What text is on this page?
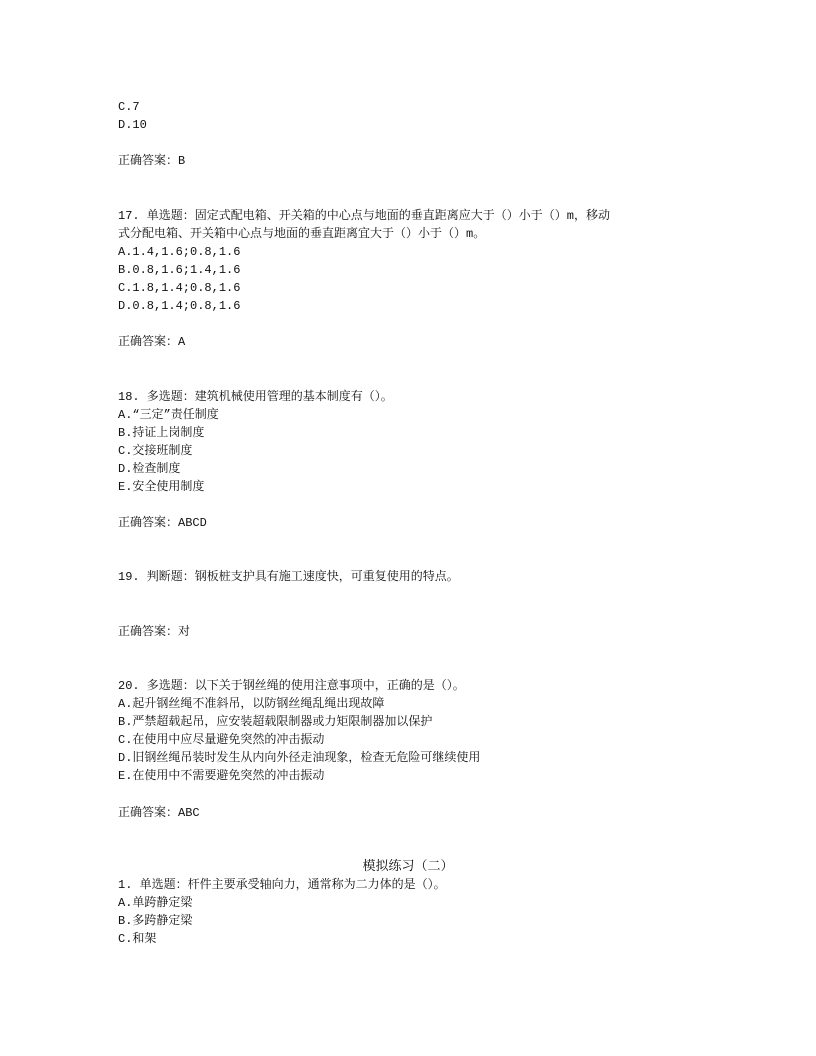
C.7
D.10
正确答案：B
17. 单选题：固定式配电箱、开关箱的中心点与地面的垂直距离应大于（）小于（）m，移动
式分配电箱、开关箱中心点与地面的垂直距离宜大于（）小于（）m。
A.1.4,1.6;0.8,1.6
B.0.8,1.6;1.4,1.6
C.1.8,1.4;0.8,1.6
D.0.8,1.4;0.8,1.6
正确答案：A
18. 多选题：建筑机械使用管理的基本制度有（）。
A.“三定”责任制度
B.持证上岗制度
C.交接班制度
D.检查制度
E.安全使用制度
正确答案：ABCD
19. 判断题：钢板桩支护具有施工速度快，可重复使用的特点。
正确答案：对
20. 多选题：以下关于钢丝绳的使用注意事项中，正确的是（）。
A.起升钢丝绳不准斜吊，以防钢丝绳乱绳出现故障
B.严禁超载起吊，应安装超载限制器或力矩限制器加以保护
C.在使用中应尽量避免突然的冲击振动
D.旧钢丝绳吊装时发生从内向外径走油现象，检查无危险可继续使用
E.在使用中不需要避免突然的冲击振动
正确答案：ABC
模拟练习（二）
1. 单选题：杆件主要承受轴向力，通常称为二力体的是（）。
A.单跨静定梁
B.多跨静定梁
C.和架
